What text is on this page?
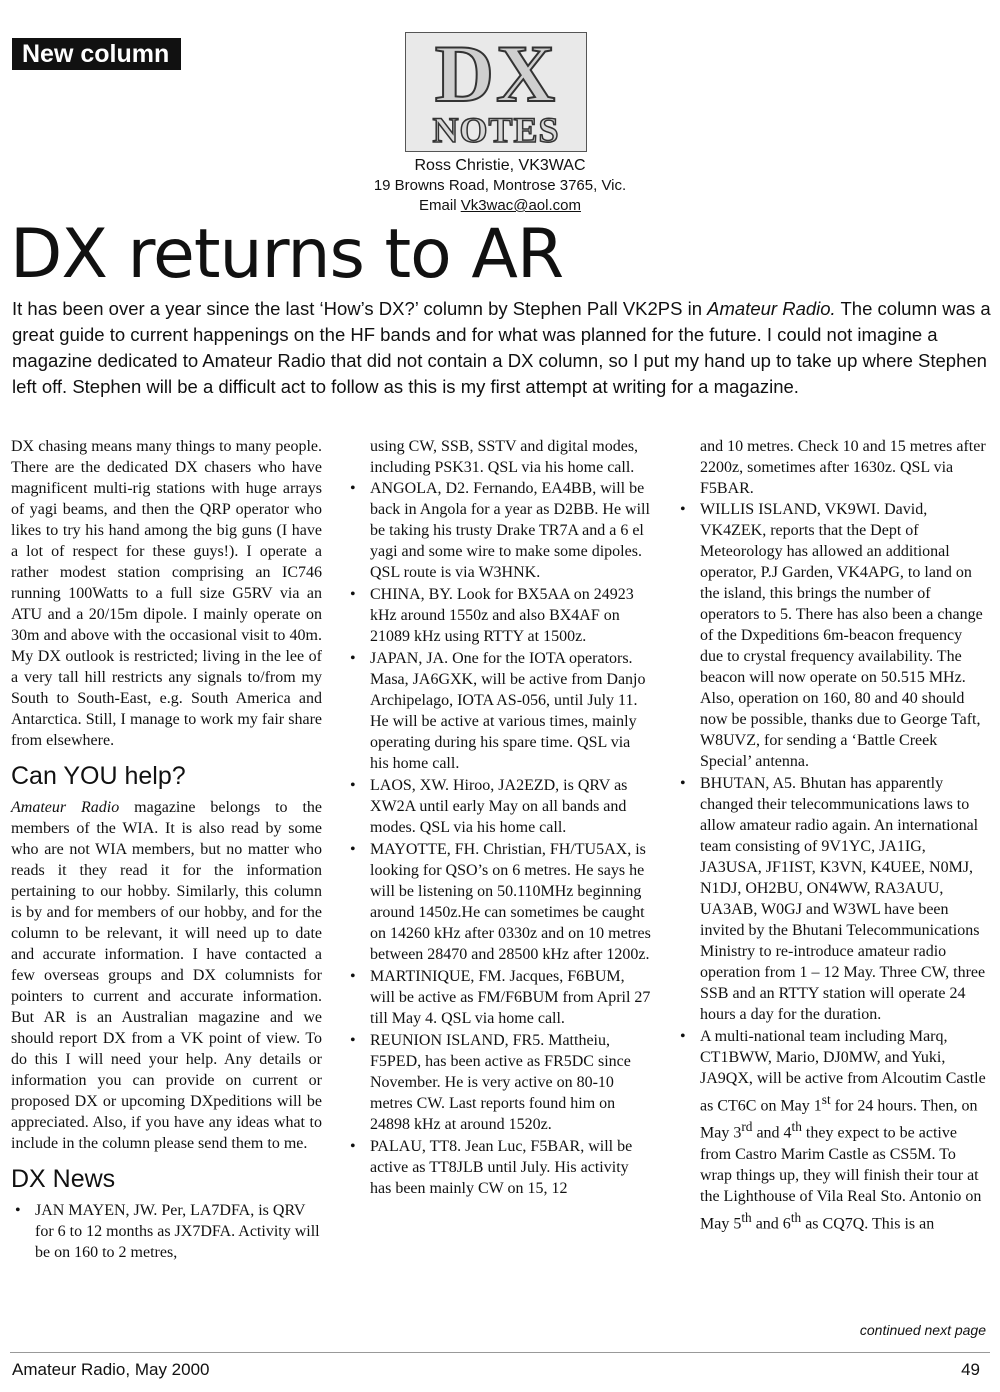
New column	DX
NOTES
Ross Christie, VK3WAC
19 Browns Road, Montrose 3765, Vic.
Email Vk3wac@aol.com
DX returns to AR

It has been over a year since the last ‘How’s DX?’ column by Stephen Pall VK2PS in Amateur Radio. The column was a great guide to current happenings on the HF bands and for what was planned for the future. I could not imagine a magazine dedicated to Amateur Radio that did not contain a DX column, so I put my hand up to take up where Stephen left off. Stephen will be a difficult act to follow as this is my first attempt at writing for a magazine.

DX chasing means many things to many people. There are the dedicated DX chasers who have magnificent multi-rig stations with huge arrays of yagi beams, and then the QRP operator who likes to try his hand among the big guns (I have a lot of respect for these guys!). I operate a rather modest station comprising an IC746 running 100Watts to a full size G5RV via an ATU and a 20/15m dipole. I mainly operate on 30m and above with the occasional visit to 40m. My DX outlook is restricted; living in the lee of a very tall hill restricts any signals to/from my South to South-East, e.g. South America and Antarctica. Still, I manage to work my fair share from elsewhere.

Can YOU help?

Amateur Radio magazine belongs to the members of the WIA. It is also read by some who are not WIA members, but no matter who reads it they read it for the information pertaining to our hobby. Similarly, this column is by and for members of our hobby, and for the column to be relevant, it will need up to date and accurate information. I have contacted a few overseas groups and DX columnists for pointers to current and accurate information. But AR is an Australian magazine and we should report DX from a VK point of view. To do this I will need your help. Any details or information you can provide on current or proposed DX or upcoming DXpeditions will be appreciated. Also, if you have any ideas what to include in the column please send them to me.

DX News
• JAN MAYEN, JW. Per, LA7DFA, is QRV for 6 to 12 months as JX7DFA. Activity will be on 160 to 2 metres,

using CW, SSB, SSTV and digital modes, including PSK31. QSL via his home call.

• ANGOLA, D2. Fernando, EA4BB, will be back in Angola for a year as D2BB. He will be taking his trusty Drake TR7A and a 6 el yagi and some wire to make some dipoles. QSL route is via W3HNK.
• CHINA, BY. Look for BX5AA on 24923 kHz around 1550z and also BX4AF on 21089 kHz using RTTY at 1500z.
• JAPAN, JA. One for the IOTA operators. Masa, JA6GXK, will be active from Danjo Archipelago, IOTA AS-056, until July 11. He will be active at various times, mainly operating during his spare time. QSL via his home call.
• LAOS, XW. Hiroo, JA2EZD, is QRV as XW2A until early May on all bands and modes. QSL via his home call.
• MAYOTTE, FH. Christian, FH/TU5AX, is looking for QSO’s on 6 metres. He says he will be listening on 50.110MHz beginning around 1450z.He can sometimes be caught on 14260 kHz after 0330z and on 10 metres between 28470 and 28500 kHz after 1200z.
• MARTINIQUE, FM. Jacques, F6BUM, will be active as FM/F6BUM from April 27 till May 4. QSL via home call.
• REUNION ISLAND, FR5. Mattheiu, F5PED, has been active as FR5DC since November. He is very active on 80-10 metres CW. Last reports found him on 24898 kHz at around 1520z.
• PALAU, TT8. Jean Luc, F5BAR, will be active as TT8JLB until July. His activity has been mainly CW on 15, 12

and 10 metres. Check 10 and 15 metres after 2200z, sometimes after 1630z. QSL via F5BAR.

• WILLIS ISLAND, VK9WI. David, VK4ZEK, reports that the Dept of Meteorology has allowed an additional operator, P.J Garden, VK4APG, to land on the island, this brings the number of operators to 5. There has also been a change of the Dxpeditions 6m-beacon frequency due to crystal frequency availability. The beacon will now operate on 50.515 MHz. Also, operation on 160, 80 and 40 should now be possible, thanks due to George Taft, W8UVZ, for sending a ‘Battle Creek Special’ antenna.
• BHUTAN, A5. Bhutan has apparently changed their telecommunications laws to allow amateur radio again. An international team consisting of 9V1YC, JA1IG, JA3USA, JF1IST, K3VN, K4UEE, N0MJ, N1DJ, OH2BU, ON4WW, RA3AUU, UA3AB, W0GJ and W3WL have been invited by the Bhutani Telecommunications Ministry to re-introduce amateur radio operation from 1 – 12 May. Three CW, three SSB and an RTTY station will operate 24 hours a day for the duration.
• A multi-national team including Marq, CT1BWW, Mario, DJ0MW, and Yuki, JA9QX, will be active from Alcoutim Castle as CT6C on May 1st for 24 hours. Then, on May 3rd and 4th they expect to be active from Castro Marim Castle as CS5M. To wrap things up, they will finish their tour at the Lighthouse of Vila Real Sto. Antonio on May 5th and 6th as CQ7Q. This is an
continued next page
Amateur Radio, May 2000	49
